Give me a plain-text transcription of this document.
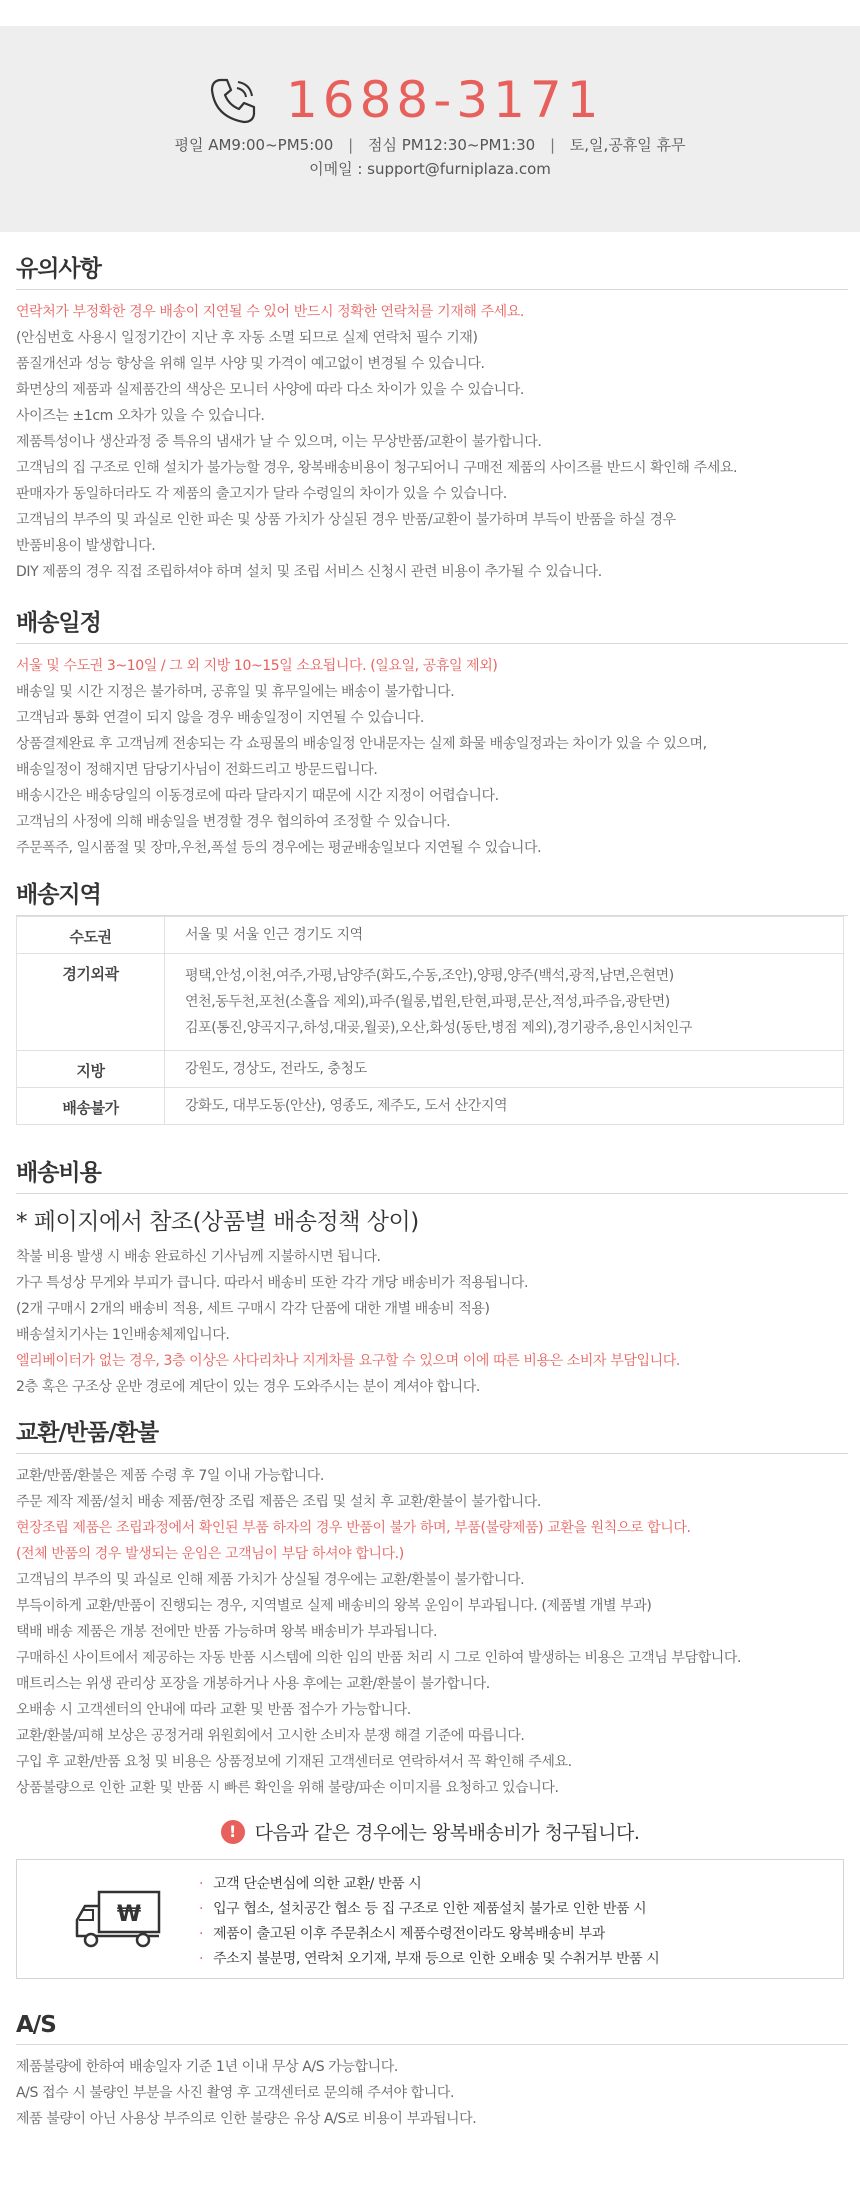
1688-3171
평일 AM9:00~PM5:00 | 점심 PM12:30~PM1:30 | 토,일,공휴일 휴무
이메일 : support@furniplaza.com
유의사항

연락처가 부정확한 경우 배송이 지연될 수 있어 반드시 정확한 연락처를 기재해 주세요.

(안심번호 사용시 일정기간이 지난 후 자동 소멸 되므로 실제 연락처 필수 기재)

품질개선과 성능 향상을 위해 일부 사양 및 가격이 예고없이 변경될 수 있습니다.

화면상의 제품과 실제품간의 색상은 모니터 사양에 따라 다소 차이가 있을 수 있습니다.

사이즈는 ±1cm 오차가 있을 수 있습니다.

제품특성이나 생산과정 중 특유의 냄새가 날 수 있으며, 이는 무상반품/교환이 불가합니다.

고객님의 집 구조로 인해 설치가 불가능할 경우, 왕복배송비용이 청구되어니 구매전 제품의 사이즈를 반드시 확인해 주세요.

판매자가 동일하더라도 각 제품의 출고지가 달라 수령일의 차이가 있을 수 있습니다.

고객님의 부주의 및 과실로 인한 파손 및 상품 가치가 상실된 경우 반품/교환이 불가하며 부득이 반품을 하실 경우

반품비용이 발생합니다.

DIY 제품의 경우 직접 조립하셔야 하며 설치 및 조립 서비스 신청시 관련 비용이 추가될 수 있습니다.

배송일정

서울 및 수도권 3~10일 / 그 외 지방 10~15일 소요됩니다. (일요일, 공휴일 제외)

배송일 및 시간 지정은 불가하며, 공휴일 및 휴무일에는 배송이 불가합니다.

고객님과 통화 연결이 되지 않을 경우 배송일정이 지연될 수 있습니다.

상품결제완료 후 고객님께 전송되는 각 쇼핑몰의 배송일정 안내문자는 실제 화물 배송일정과는 차이가 있을 수 있으며,

배송일정이 정해지면 담당기사님이 전화드리고 방문드립니다.

배송시간은 배송당일의 이동경로에 따라 달라지기 때문에 시간 지정이 어렵습니다.

고객님의 사정에 의해 배송일을 변경할 경우 협의하여 조정할 수 있습니다.

주문폭주, 일시품절 및 장마,우천,폭설 등의 경우에는 평균배송일보다 지연될 수 있습니다.

배송지역
수도권	서울 및 서울 인근 경기도 지역

경기외곽	평택,안성,이천,여주,가평,남양주(화도,수동,조안),양평,양주(백석,광적,남면,은현면)
연천,동두천,포천(소홀읍 제외),파주(월롱,법원,탄현,파평,문산,적성,파주읍,광탄면)
김포(통진,양곡지구,하성,대곶,월곶),오산,화성(동탄,병점 제외),경기광주,용인시처인구

지방	강원도, 경상도, 전라도, 충청도

배송불가	강화도, 대부도동(안산), 영종도, 제주도, 도서 산간지역
배송비용
* 페이지에서 참조(상품별 배송정책 상이)

착불 비용 발생 시 배송 완료하신 기사님께 지불하시면 됩니다.

가구 특성상 무게와 부피가 큽니다. 따라서 배송비 또한 각각 개당 배송비가 적용됩니다.

(2개 구매시 2개의 배송비 적용, 세트 구매시 각각 단품에 대한 개별 배송비 적용)

배송설치기사는 1인배송체제입니다.

엘리베이터가 없는 경우, 3층 이상은 사다리차나 지게차를 요구할 수 있으며 이에 따른 비용은 소비자 부담입니다.

2층 혹은 구조상 운반 경로에 계단이 있는 경우 도와주시는 분이 계셔야 합니다.

교환/반품/환불

교환/반품/환불은 제품 수령 후 7일 이내 가능합니다.

주문 제작 제품/설치 배송 제품/현장 조립 제품은 조립 및 설치 후 교환/환불이 불가합니다.

현장조립 제품은 조립과정에서 확인된 부품 하자의 경우 반품이 불가 하며, 부품(불량제품) 교환을 원칙으로 합니다.

(전체 반품의 경우 발생되는 운임은 고객님이 부담 하셔야 합니다.)

고객님의 부주의 및 과실로 인해 제품 가치가 상실될 경우에는 교환/환불이 불가합니다.

부득이하게 교환/반품이 진행되는 경우, 지역별로 실제 배송비의 왕복 운임이 부과됩니다. (제품별 개별 부과)

택배 배송 제품은 개봉 전에만 반품 가능하며 왕복 배송비가 부과됩니다.

구매하신 사이트에서 제공하는 자동 반품 시스템에 의한 임의 반품 처리 시 그로 인하여 발생하는 비용은 고객님 부담합니다.

매트리스는 위생 관리상 포장을 개봉하거나 사용 후에는 교환/환불이 불가합니다.

오배송 시 고객센터의 안내에 따라 교환 및 반품 접수가 가능합니다.

교환/환불/피해 보상은 공정거래 위원회에서 고시한 소비자 분쟁 해결 기준에 따릅니다.

구입 후 교환/반품 요청 및 비용은 상품정보에 기재된 고객센터로 연락하셔서 꼭 확인해 주세요.

상품불량으로 인한 교환 및 반품 시 빠른 확인을 위해 불량/파손 이미지를 요청하고 있습니다.

! 다음과 같은 경우에는 왕복배송비가 청구됩니다.
₩
· 고객 단순변심에 의한 교환/ 반품 시
· 입구 협소, 설치공간 협소 등 집 구조로 인한 제품설치 불가로 인한 반품 시
· 제품이 출고된 이후 주문취소시 제품수령전이라도 왕복배송비 부과
· 주소지 불분명, 연락처 오기재, 부재 등으로 인한 오배송 및 수취거부 반품 시
A/S

제품불량에 한하여 배송일자 기준 1년 이내 무상 A/S 가능합니다.

A/S 접수 시 불량인 부분을 사진 촬영 후 고객센터로 문의해 주셔야 합니다.

제품 불량이 아닌 사용상 부주의로 인한 불량은 유상 A/S로 비용이 부과됩니다.
